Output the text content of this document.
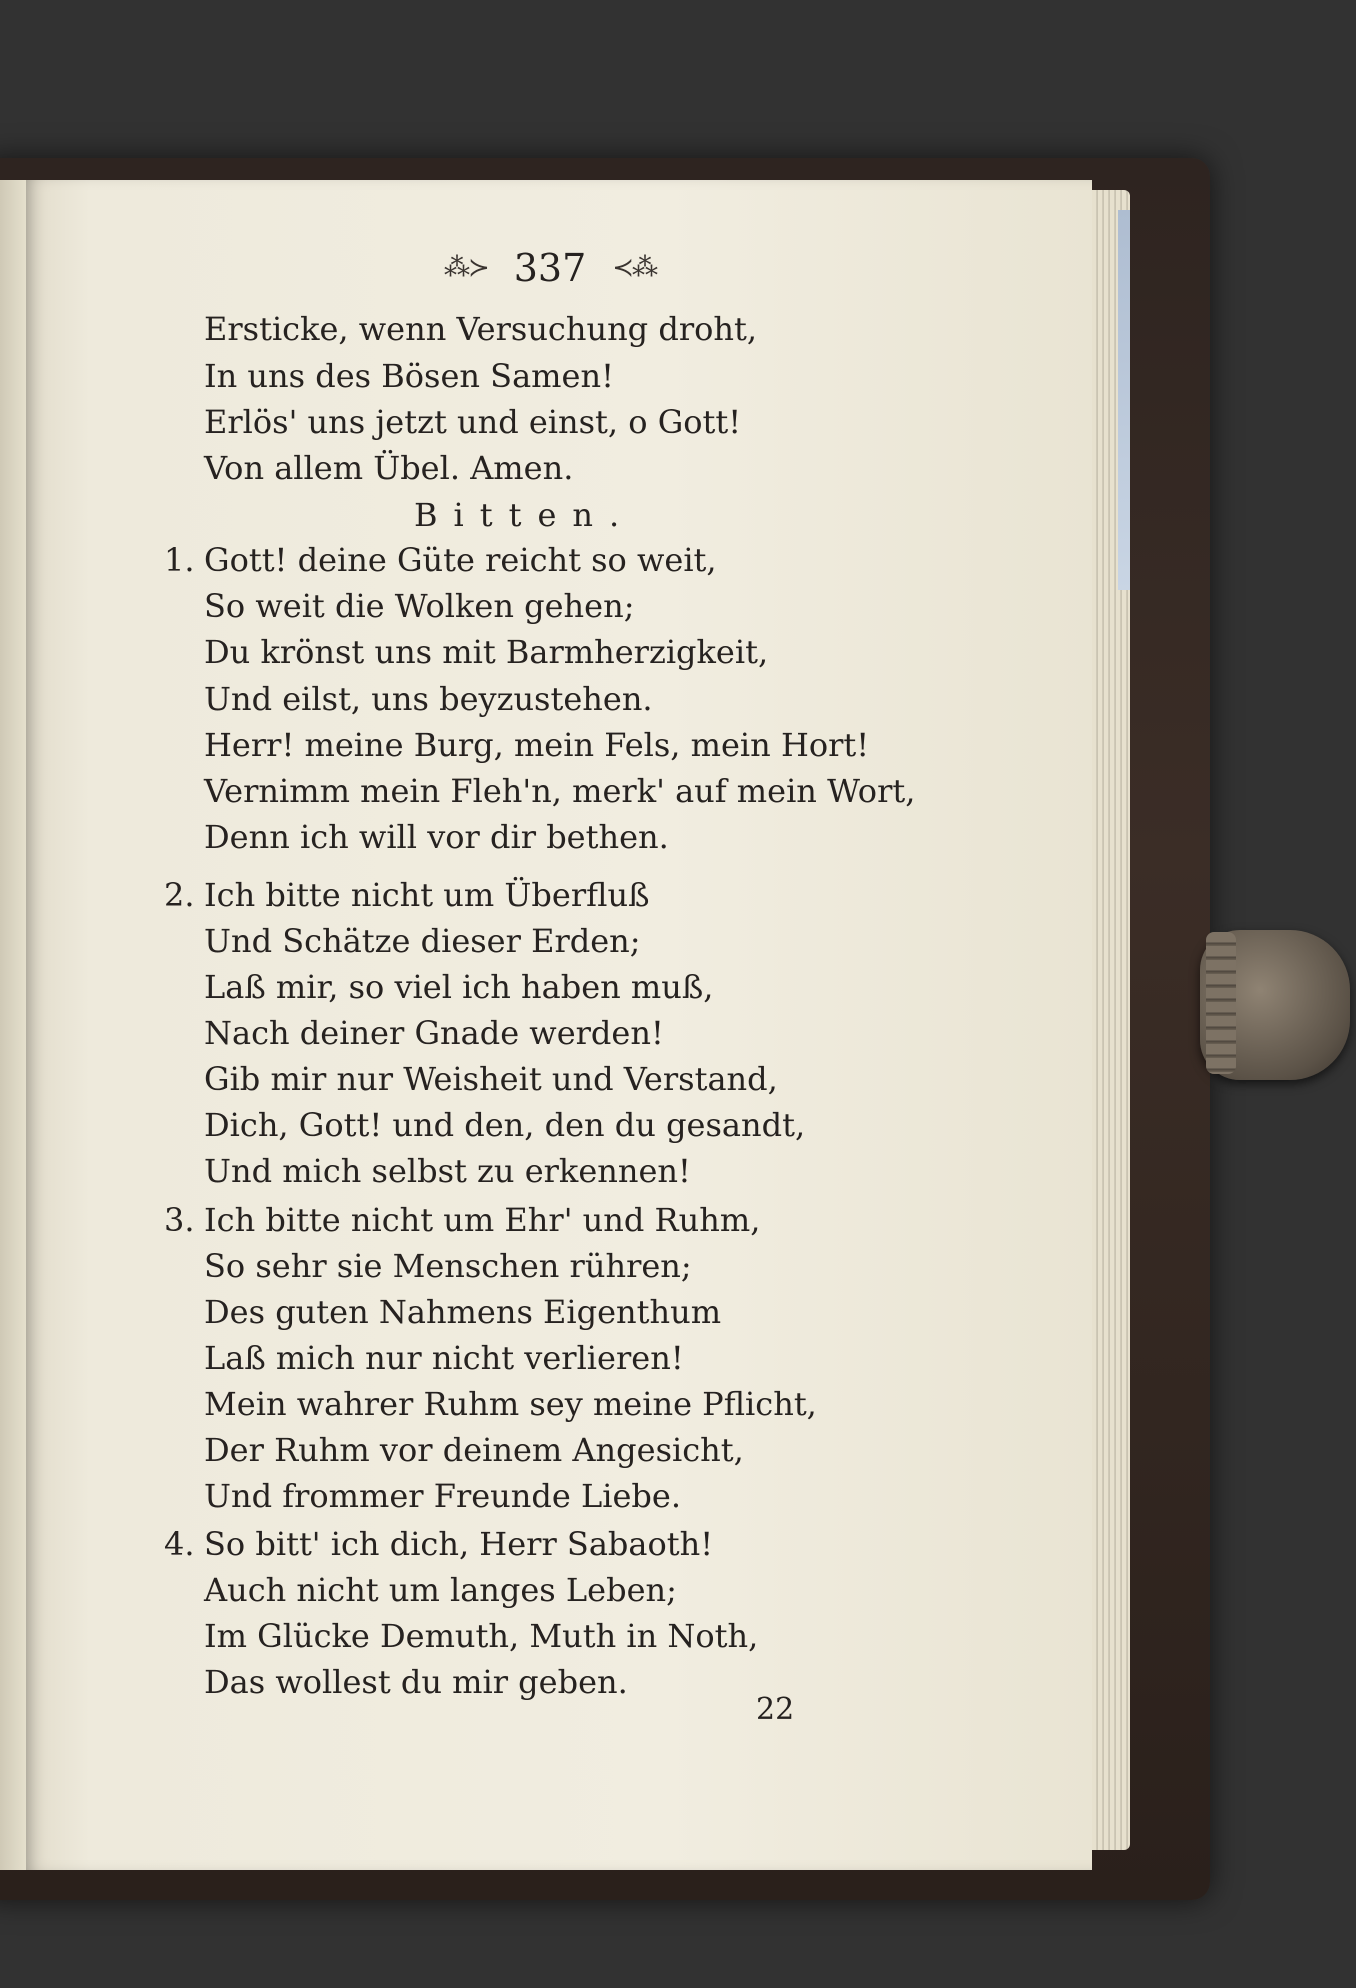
⁂≻ 337 ≺⁂
Ersticke, wenn Versuchung droht,
In uns des Bösen Samen!
Erlös' uns jetzt und einst, o Gott!
Von allem Übel. Amen.
Bitten.
1. Gott! deine Güte reicht so weit,
So weit die Wolken gehen;
Du krönst uns mit Barmherzigkeit,
Und eilst, uns beyzustehen.
Herr! meine Burg, mein Fels, mein Hort!
Vernimm mein Fleh'n, merk' auf mein Wort,
Denn ich will vor dir bethen.
2. Ich bitte nicht um Überfluß
Und Schätze dieser Erden;
Laß mir, so viel ich haben muß,
Nach deiner Gnade werden!
Gib mir nur Weisheit und Verstand,
Dich, Gott! und den, den du gesandt,
Und mich selbst zu erkennen!
3. Ich bitte nicht um Ehr' und Ruhm,
So sehr sie Menschen rühren;
Des guten Nahmens Eigenthum
Laß mich nur nicht verlieren!
Mein wahrer Ruhm sey meine Pflicht,
Der Ruhm vor deinem Angesicht,
Und frommer Freunde Liebe.
4. So bitt' ich dich, Herr Sabaoth!
Auch nicht um langes Leben;
Im Glücke Demuth, Muth in Noth,
Das wollest du mir geben.
22
